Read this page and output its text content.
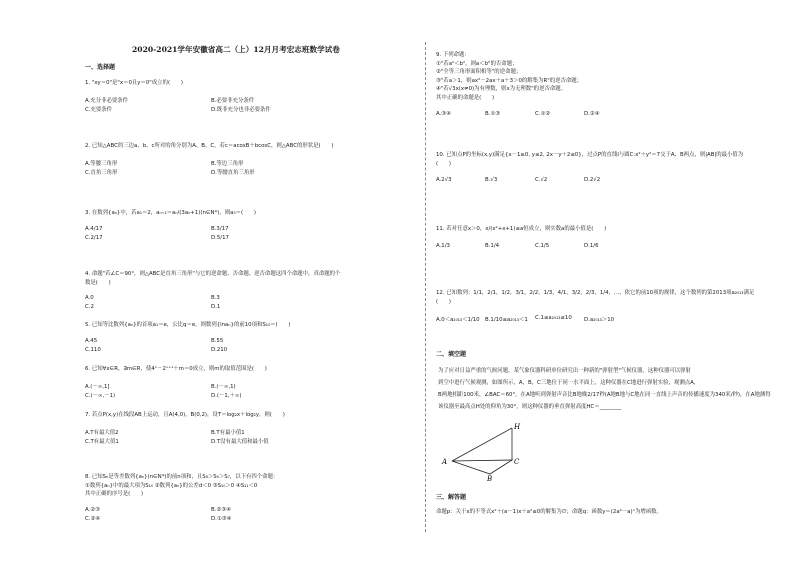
2020-2021学年安徽省高二（上）12月月考宏志班数学试卷
一、选择题
1. "xy＝0"是"x＝0且y＝0"成立的(　　)
A.充分非必要条件	B.必要非充分条件
C.充要条件	D.既非充分也非必要条件
2. 已知△ABC的三边a、b、c所对的角分别为A、B、C，若c＝acosB＋bcosC，则△ABC的形状是(　　)
A.等腰三角形	B.等边三角形
C.直角三角形	D.等腰直角三角形
3. 在数列{aₙ}中，若a₁＝2，aₙ₊₁＝aₙ/(3aₙ+1)(n∈N*)，则a₅＝(　　)
A.4/17	B.3/17
C.2/17	D.5/17
4. 命题"若∠C＝90°，则△ABC是直角三角形"与它的逆命题、否命题、逆否命题这四个命题中，真命题的个
数是(　　)
A.0	B.3
C.2	D.1
5. 已知等比数列{aₙ}的首项a₁＝e，公比q＝e，则数列{lnaₙ}的前10项和S₁₀＝(　　)
A.45	B.55
C.110	D.210
6. 已知∀x∈R，∃m∈R，使4ˣ－2ˣ⁺¹＋m＝0成立，则m的取值范围是(　　)
A.(－∞,1]	B.(－∞,1)
C.(－∞,－1)	D.(－1,＋∞)
7. 若点P(x,y)在线段AB上运动，且A(4,0)，B(0,2)，设T＝log₂x＋log₂y，则(　　)
A.T有最大值2	B.T有最小值1
C.T有最大值1	D.T没有最大值和最小值
8. 已知Sₙ是等差数列{aₙ}(n∈N*)的前n项和，且S₈＞S₉＞S₇，以下有四个命题：
①数列{aₙ}中的最大项为S₁₀ ②数列{aₙ}的公差d＜0 ③S₁₀＞0 ④S₁₁＜0
其中正确的序号是(　　)
A.②③	B.②③④
C.②④	D.①③④
9. 下列命题：
①"若a²＜b²，则a＜b"的否命题；
②"全等三角形面积相等"的逆命题；
③"若a＞1，则ax²－2ax＋a＋3＞0的解集为R"的逆否命题；
④"若√3x(x≠0)为有理数，则x为无理数"的逆否命题。
其中正确的命题是(　　)
A.③④	B.①③	C.①②	D.②④
10. 已知点P的坐标(x,y)满足{x－1≥0, y≤2, 2x－y＋2≤0}，过点P的直线l与圆C:x²＋y²＝7交于A、B两点，则|AB|的最小值为
(　　)
A.2√3	B.√3	C.√2	D.2√2
11. 若对任意x＞0，x/(x²+x+1)≤a恒成立，则实数a的最小值是(　　)
A.1/3	B.1/4	C.1/5	D.1/6
12. 已知数列：1/1，2/1，1/2，3/1，2/2，1/3，4/1，3/2，2/3，1/4，…，依它的前10项的规律，这个数列的第2013项a₂₀₁₃满足
(　　)
A.0＜a₂₀₁₃＜1/10 B.1/10≤a₂₀₁₃＜1 C.1≤a₂₀₁₃≤10 D.a₂₀₁₃＞10
二、填空题
为了应对日益严重的气候问题，某气象仪器科研单位研究出一种新的"弹射型"气候仪器，这种仪器可以弹射
到空中进行气候观测，如图所示，A，B，C三地位于同一水平面上，这种仪器在C地进行弹射实验，观测点A，
B两地相距100米，∠BAC＝60°，在A地听到弹射声音比B地晚2/17秒(A地B地与C地在同一直线上声音的传播速度为340米/秒)，在A地测得
该仪器至最高点H处的仰角为30°，则这种仪器的垂直弹射高度HC＝________
H
A
B
C
三、解答题
命题p：关于x的不等式x²＋(a－1)x＋a²≤0的解集为∅；命题q：函数y＝(2a²－a)ˣ为增函数。
